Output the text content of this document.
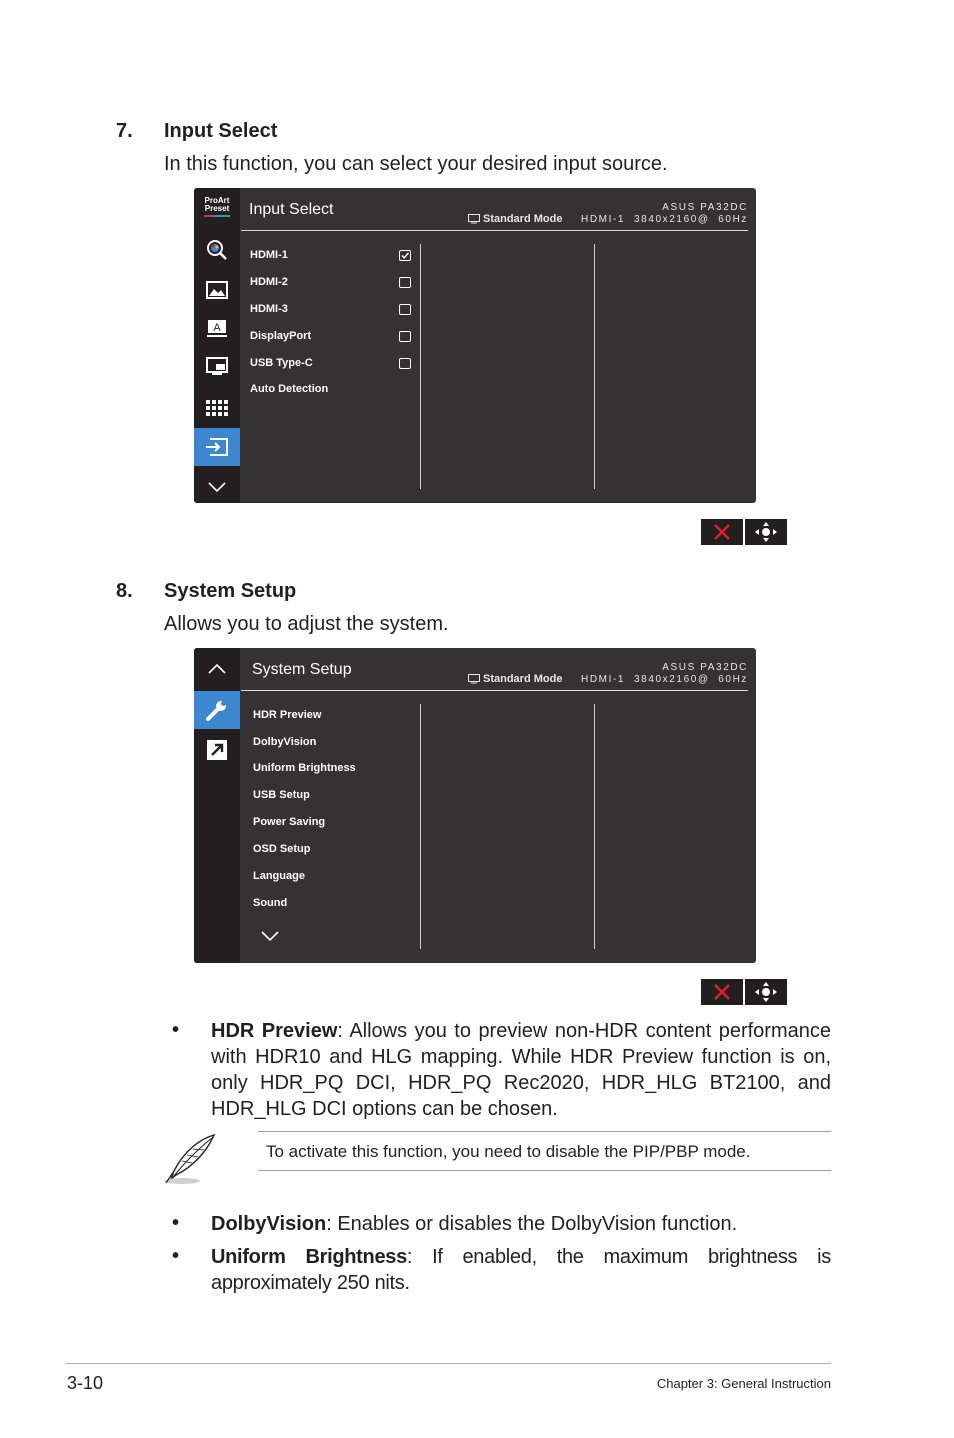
7. Input Select
In this function, you can select your desired input source.
ProArt
Preset
A
Input Select	ASUS PA32DC
Standard Mode HDMI-1 3840x2160@ 60Hz
HDMI-1
HDMI-2
HDMI-3
DisplayPort
USB Type-C
Auto Detection
8. System Setup
Allows you to adjust the system.
System Setup	ASUS PA32DC
Standard Mode HDMI-1 3840x2160@ 60Hz
HDR Preview
DolbyVision
Uniform Brightness
USB Setup
Power Saving
OSD Setup
Language
Sound
• HDR Preview: Allows you to preview non-HDR content performance with HDR10 and HLG mapping. While HDR Preview function is on, only HDR_PQ DCI, HDR_PQ Rec2020, HDR_HLG BT2100, and HDR_HLG DCI options can be chosen.
To activate this function, you need to disable the PIP/PBP mode.
• DolbyVision: Enables or disables the DolbyVision function.
• Uniform Brightness: If enabled, the maximum brightness is approximately 250 nits.
3-10	Chapter 3: General Instruction
